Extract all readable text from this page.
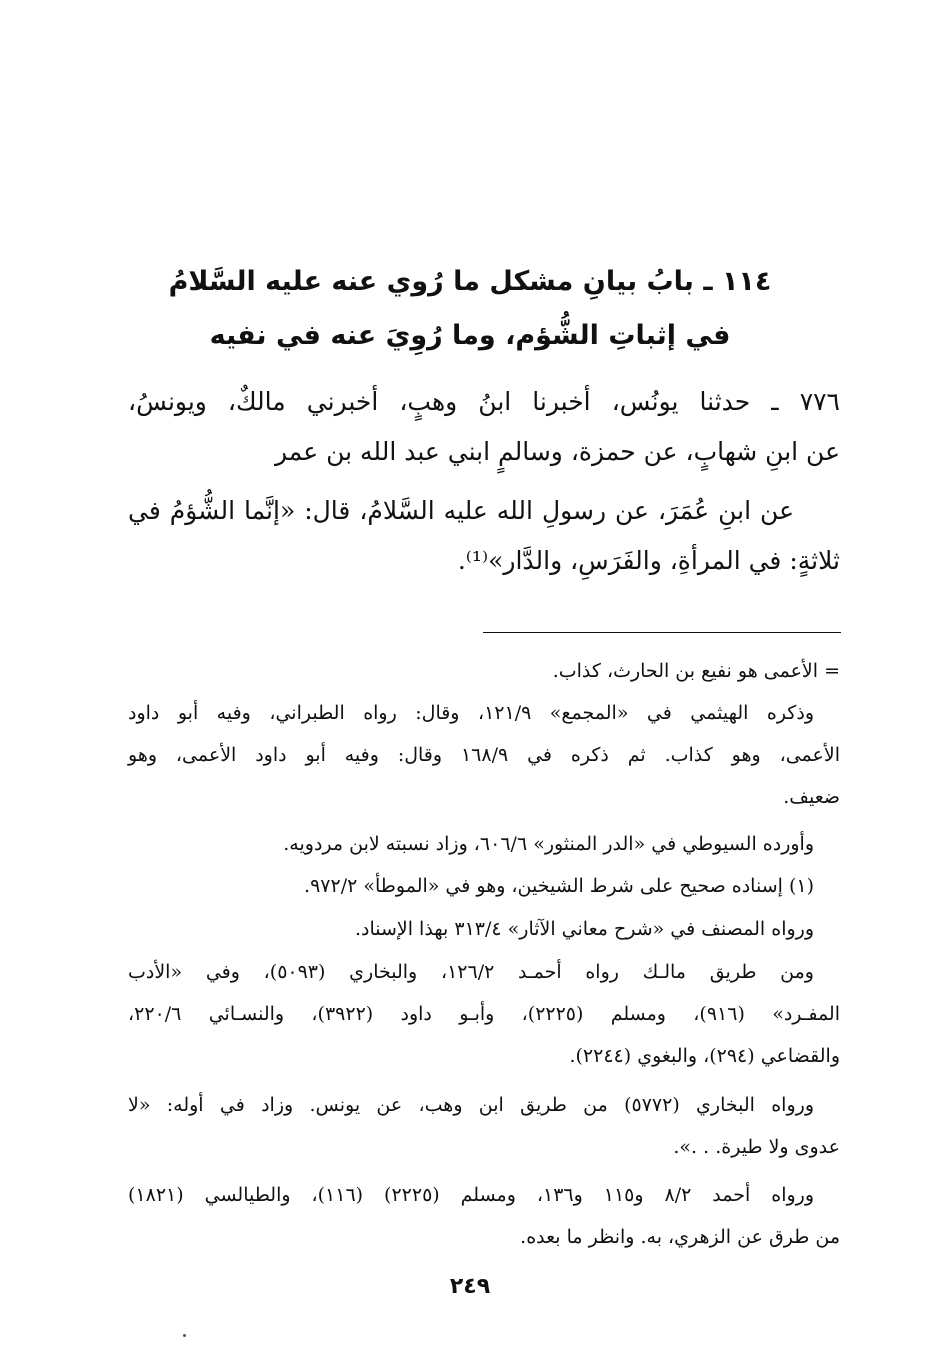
١١٤ ـ بابُ بيانِ مشكل ما رُوي عنه عليه السَّلامُ
في إثباتِ الشُّؤم، وما رُوِيَ عنه في نفيه
٧٧٦ ـ حدثنا يونُس، أخبرنا ابنُ وهبٍ، أخبرني مالكٌ، ويونسُ،
عن ابنِ شهابٍ، عن حمزة، وسالمٍ ابني عبد الله بن عمر
عن ابنِ عُمَرَ، عن رسولِ الله عليه السَّلامُ، قال: «إنَّما الشُّؤمُ في
ثلاثةٍ: في المرأةِ، والفَرَسِ، والدَّار»⁽¹⁾.
= الأعمى هو نفيع بن الحارث، كذاب.
وذكره الهيثمي في «المجمع» ١٢١/٩، وقال: رواه الطبراني، وفيه أبو داود
الأعمى، وهو كذاب. ثم ذكره في ١٦٨/٩ وقال: وفيه أبو داود الأعمى، وهو
ضعيف.
وأورده السيوطي في «الدر المنثور» ٦٠٦/٦، وزاد نسبته لابن مردويه.
(١) إسناده صحيح على شرط الشيخين، وهو في «الموطأ» ٩٧٢/٢.
ورواه المصنف في «شرح معاني الآثار» ٣١٣/٤ بهذا الإسناد.
ومن طريق مالـك رواه أحمـد ١٢٦/٢، والبخاري (٥٠٩٣)، وفي «الأدب
المفـرد» (٩١٦)، ومسلم (٢٢٢٥)، وأبـو داود (٣٩٢٢)، والنسـائي ٢٢٠/٦،
والقضاعي (٢٩٤)، والبغوي (٢٢٤٤).
ورواه البخاري (٥٧٧٢) من طريق ابن وهب، عن يونس. وزاد في أوله: «لا
عدوى ولا طيرة. . .».
ورواه أحمد ٨/٢ و١١٥ و١٣٦، ومسلم (٢٢٢٥) (١١٦)، والطيالسي (١٨٢١)
من طرق عن الزهري، به. وانظر ما بعده.
٢٤٩
